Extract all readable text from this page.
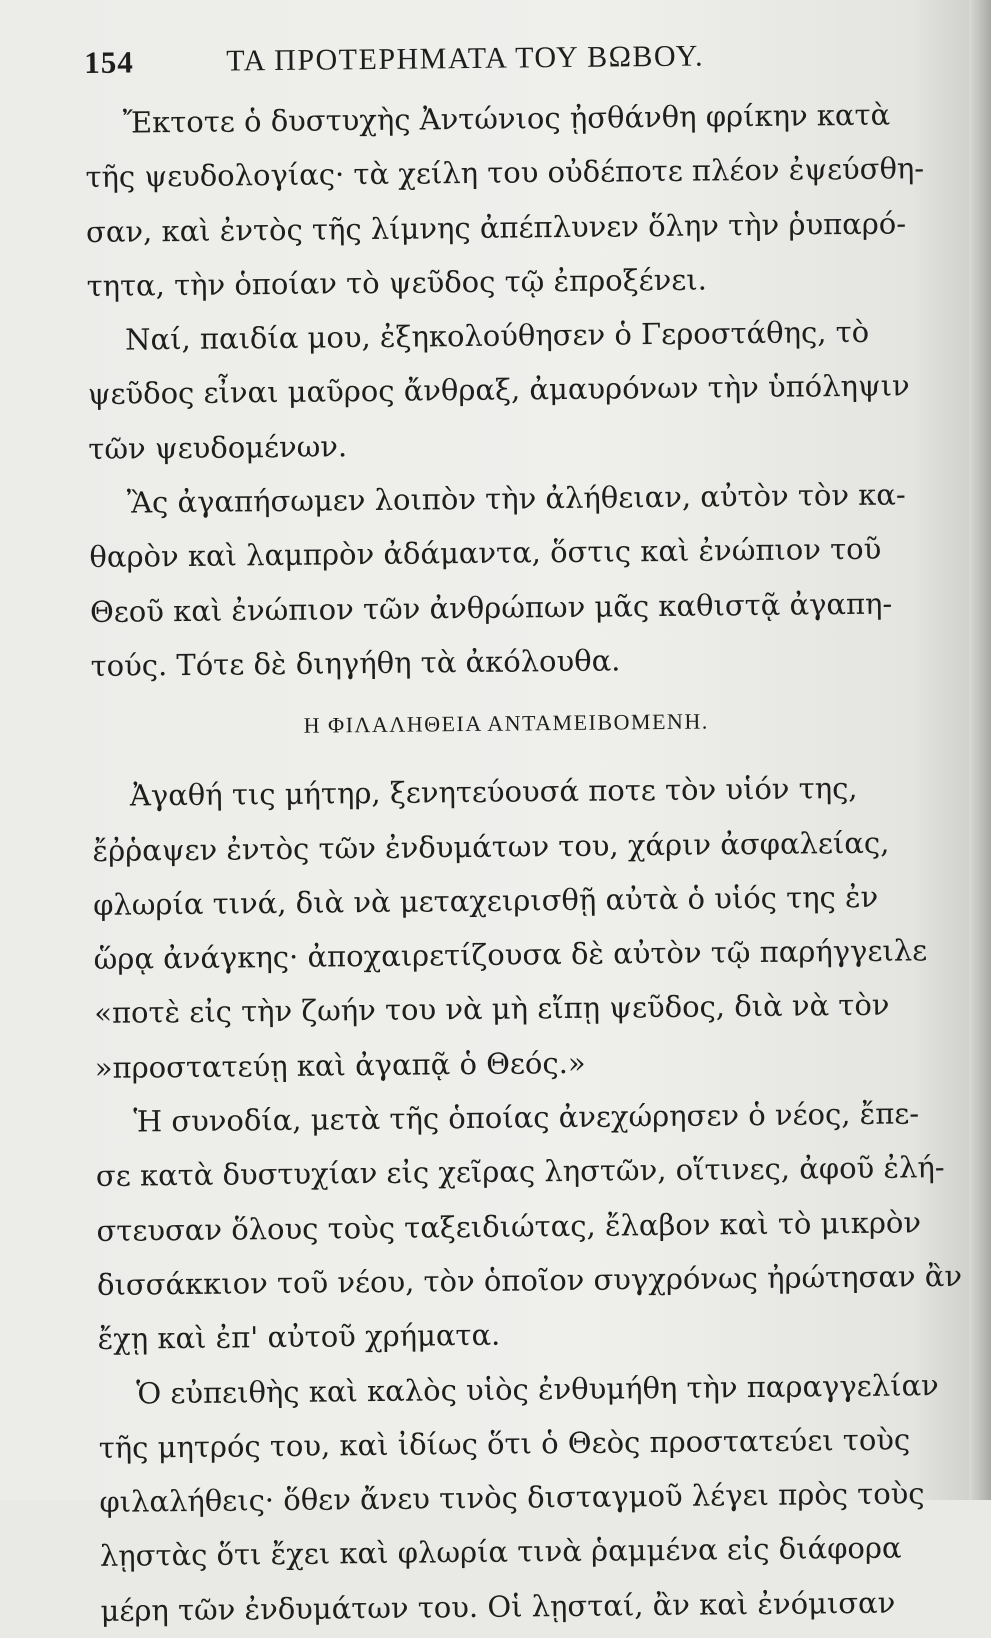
154	ΤΑ ΠΡΟΤΕΡΗΜΑΤΑ ΤΟΥ ΒΩΒΟΥ.
Ἔκτοτε ὁ δυστυχὴς Ἀντώνιος ᾐσθάνθη φρίκην κατὰ
τῆς ψευδολογίας· τὰ χείλη του οὐδέποτε πλέον ἐψεύσθη-
σαν, καὶ ἐντὸς τῆς λίμνης ἀπέπλυνεν ὅλην τὴν ῥυπαρό-
τητα, τὴν ὁποίαν τὸ ψεῦδος τῷ ἐπροξένει.
Ναί, παιδία μου, ἐξηκολούθησεν ὁ Γεροστάθης, τὸ
ψεῦδος εἶναι μαῦρος ἄνθραξ, ἀμαυρόνων τὴν ὑπόληψιν
τῶν ψευδομένων.
Ἂς ἀγαπήσωμεν λοιπὸν τὴν ἀλήθειαν, αὐτὸν τὸν κα-
θαρὸν καὶ λαμπρὸν ἀδάμαντα, ὅστις καὶ ἐνώπιον τοῦ
Θεοῦ καὶ ἐνώπιον τῶν ἀνθρώπων μᾶς καθιστᾷ ἀγαπη-
τούς. Τότε δὲ διηγήθη τὰ ἀκόλουθα.
Η ΦΙΛΑΛΗΘΕΙΑ ΑΝΤΑΜΕΙΒΟΜΕΝΗ.
Ἀγαθή τις μήτηρ, ξενητεύουσά ποτε τὸν υἱόν της,
ἔῤῥαψεν ἐντὸς τῶν ἐνδυμάτων του, χάριν ἀσφαλείας,
φλωρία τινά, διὰ νὰ μεταχειρισθῇ αὐτὰ ὁ υἱός της ἐν
ὥρᾳ ἀνάγκης· ἀποχαιρετίζουσα δὲ αὐτὸν τῷ παρήγγειλε
«ποτὲ εἰς τὴν ζωήν του νὰ μὴ εἴπῃ ψεῦδος, διὰ νὰ τὸν
»προστατεύῃ καὶ ἀγαπᾷ ὁ Θεός.»
Ἡ συνοδία, μετὰ τῆς ὁποίας ἀνεχώρησεν ὁ νέος, ἔπε-
σε κατὰ δυστυχίαν εἰς χεῖρας ληστῶν, οἵτινες, ἀφοῦ ἐλή-
στευσαν ὅλους τοὺς ταξειδιώτας, ἔλαβον καὶ τὸ μικρὸν
δισσάκκιον τοῦ νέου, τὸν ὁποῖον συγχρόνως ἠρώτησαν ἂν
ἔχῃ καὶ ἐπ' αὐτοῦ χρήματα.
Ὁ εὐπειθὴς καὶ καλὸς υἱὸς ἐνθυμήθη τὴν παραγγελίαν
τῆς μητρός του, καὶ ἰδίως ὅτι ὁ Θεὸς προστατεύει τοὺς
φιλαλήθεις· ὅθεν ἄνευ τινὸς δισταγμοῦ λέγει πρὸς τοὺς
λῃστὰς ὅτι ἔχει καὶ φλωρία τινὰ ῥαμμένα εἰς διάφορα
μέρη τῶν ἐνδυμάτων του. Οἱ λῃσταί, ἂν καὶ ἐνόμισαν
